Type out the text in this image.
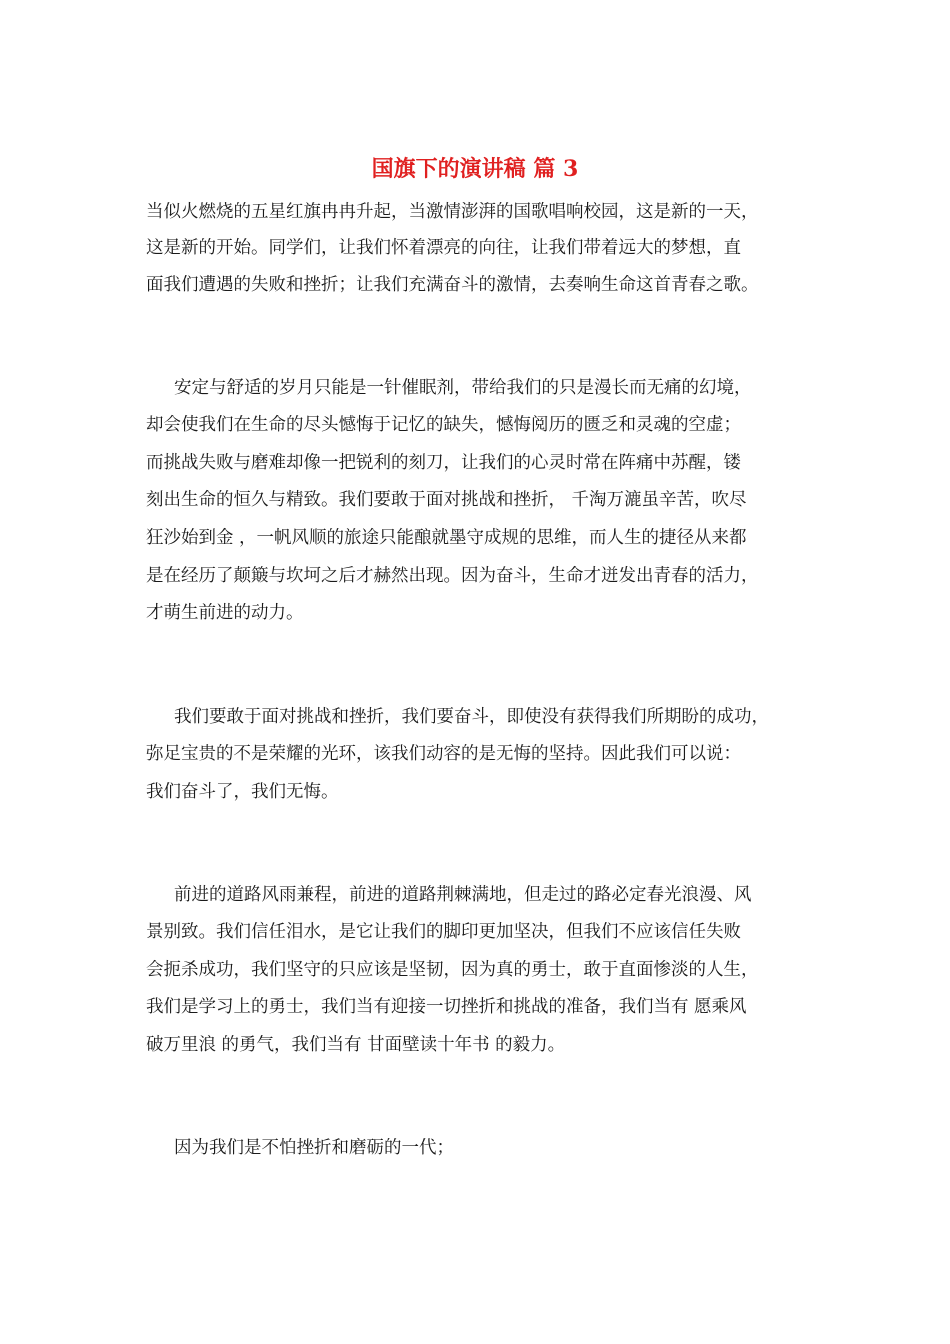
国旗下的演讲稿 篇 3

当似火燃烧的五星红旗冉冉升起，当激情澎湃的国歌唱响校园，这是新的一天，

这是新的开始。同学们，让我们怀着漂亮的向往，让我们带着远大的梦想，直

面我们遭遇的失败和挫折；让我们充满奋斗的激情，去奏响生命这首青春之歌。

安定与舒适的岁月只能是一针催眠剂，带给我们的只是漫长而无痛的幻境，

却会使我们在生命的尽头憾悔于记忆的缺失，憾悔阅历的匮乏和灵魂的空虚；

而挑战失败与磨难却像一把锐利的刻刀，让我们的心灵时常在阵痛中苏醒，镂

刻出生命的恒久与精致。我们要敢于面对挑战和挫折， 千淘万漉虽辛苦，吹尽

狂沙始到金 ，一帆风顺的旅途只能酿就墨守成规的思维，而人生的捷径从来都

是在经历了颠簸与坎坷之后才赫然出现。因为奋斗，生命才迸发出青春的活力，

才萌生前进的动力。

我们要敢于面对挑战和挫折，我们要奋斗，即使没有获得我们所期盼的成功，

弥足宝贵的不是荣耀的光环，该我们动容的是无悔的坚持。因此我们可以说：

我们奋斗了，我们无悔。

前进的道路风雨兼程，前进的道路荆棘满地，但走过的路必定春光浪漫、风

景别致。我们信任泪水，是它让我们的脚印更加坚决，但我们不应该信任失败

会扼杀成功，我们坚守的只应该是坚韧，因为真的勇士，敢于直面惨淡的人生，

我们是学习上的勇士，我们当有迎接一切挫折和挑战的准备，我们当有 愿乘风

破万里浪 的勇气，我们当有 甘面壁读十年书 的毅力。

因为我们是不怕挫折和磨砺的一代；
